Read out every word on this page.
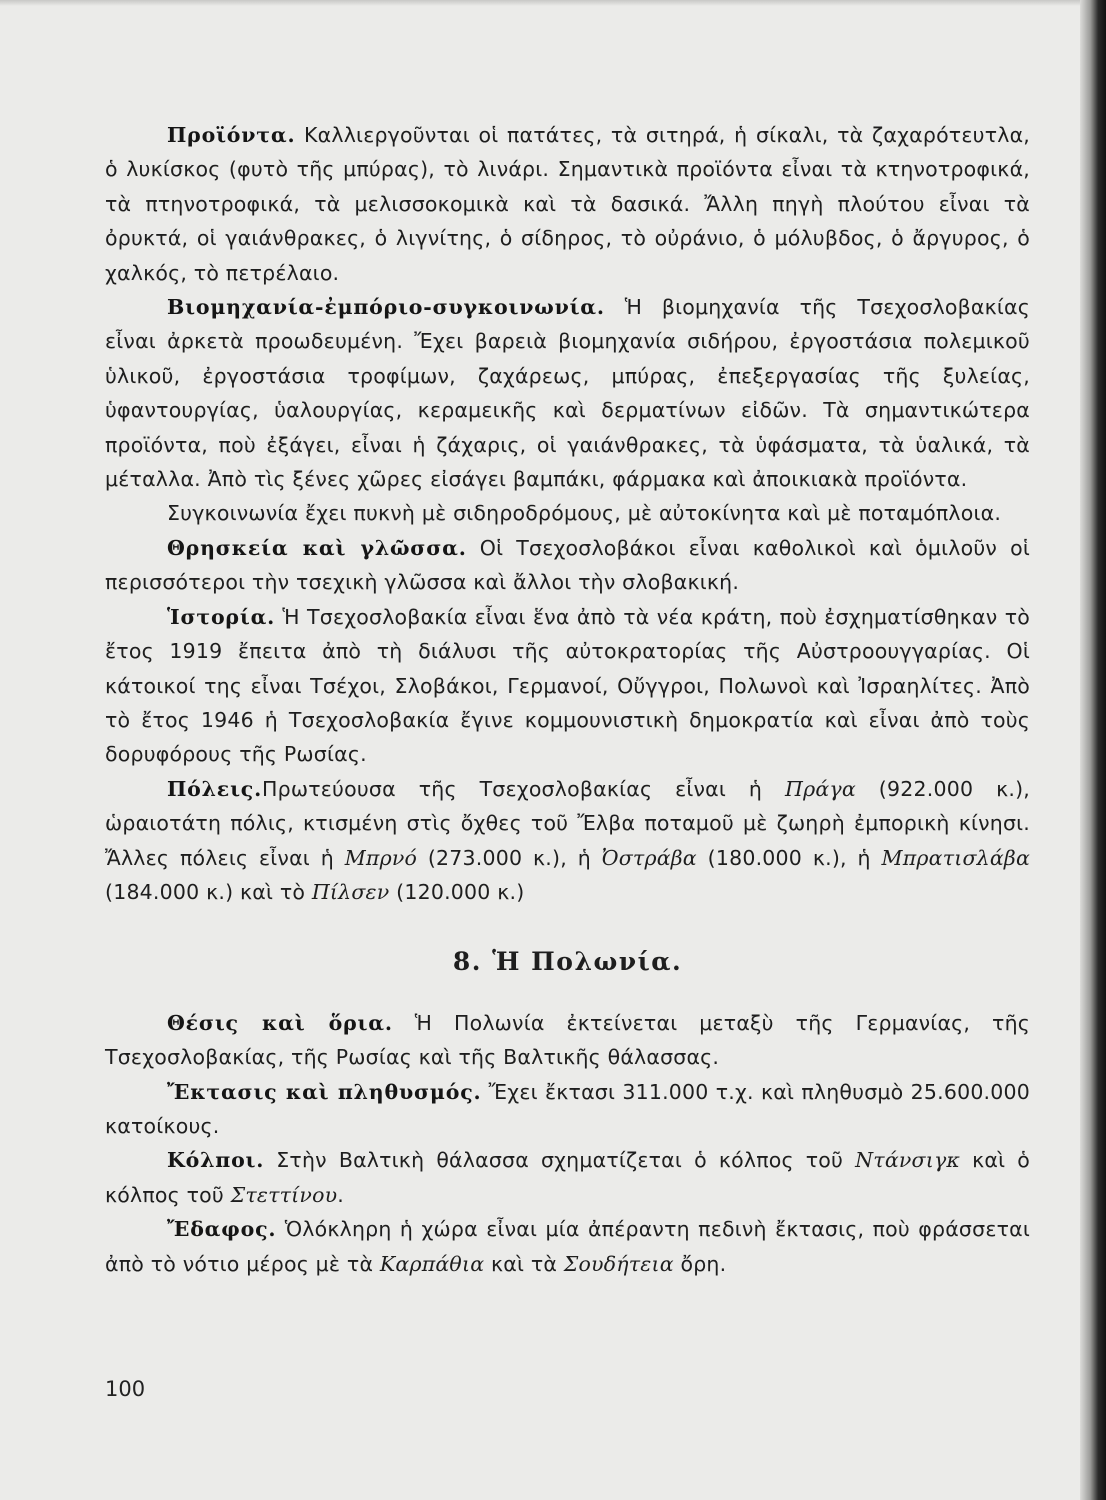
Προϊόντα. Καλλιεργοῦνται οἱ πατάτες, τὰ σιτηρά, ἡ σίκαλι, τὰ ζαχαρότευτλα, ὁ λυκίσκος (φυτὸ τῆς μπύρας), τὸ λινάρι. Σημαντικὰ προϊόντα εἶναι τὰ κτηνοτροφικά, τὰ πτηνοτροφικά, τὰ μελισσοκομικὰ καὶ τὰ δασικά. Ἄλλη πηγὴ πλούτου εἶναι τὰ ὀρυκτά, οἱ γαιάνθρακες, ὁ λιγνίτης, ὁ σίδηρος, τὸ οὐράνιο, ὁ μόλυβδος, ὁ ἄργυρος, ὁ χαλκός, τὸ πετρέλαιο.

Βιομηχανία-ἐμπόριο-συγκοινωνία. Ἡ βιομηχανία τῆς Τσεχοσλοβακίας εἶναι ἀρκετὰ προωδευμένη. Ἔχει βαρειὰ βιομηχανία σιδήρου, ἐργοστάσια πολεμικοῦ ὑλικοῦ, ἐργοστάσια τροφίμων, ζαχάρεως, μπύρας, ἐπεξεργασίας τῆς ξυλείας, ὑφαντουργίας, ὑαλουργίας, κεραμεικῆς καὶ δερματίνων εἰδῶν. Τὰ σημαντικώτερα προϊόντα, ποὺ ἐξάγει, εἶναι ἡ ζάχαρις, οἱ γαιάνθρακες, τὰ ὑφάσματα, τὰ ὑαλικά, τὰ μέταλλα. Ἀπὸ τὶς ξένες χῶρες εἰσάγει βαμπάκι, φάρμακα καὶ ἀποικιακὰ προϊόντα.

Συγκοινωνία ἔχει πυκνὴ μὲ σιδηροδρόμους, μὲ αὐτοκίνητα καὶ μὲ ποταμόπλοια.

Θρησκεία καὶ γλῶσσα. Οἱ Τσεχοσλοβάκοι εἶναι καθολικοὶ καὶ ὁμιλοῦν οἱ περισσότεροι τὴν τσεχικὴ γλῶσσα καὶ ἄλλοι τὴν σλοβακική.

Ἱστορία. Ἡ Τσεχοσλοβακία εἶναι ἕνα ἀπὸ τὰ νέα κράτη, ποὺ ἐσχηματίσθηκαν τὸ ἔτος 1919 ἔπειτα ἀπὸ τὴ διάλυσι τῆς αὐτοκρατορίας τῆς Αὐστροουγγαρίας. Οἱ κάτοικοί της εἶναι Τσέχοι, Σλοβάκοι, Γερμανοί, Οὔγγροι, Πολωνοὶ καὶ Ἰσραηλίτες. Ἀπὸ τὸ ἔτος 1946 ἡ Τσεχοσλοβακία ἔγινε κομμουνιστικὴ δημοκρατία καὶ εἶναι ἀπὸ τοὺς δορυφόρους τῆς Ρωσίας.

Πόλεις.Πρωτεύουσα τῆς Τσεχοσλοβακίας εἶναι ἡ Πράγα (922.000 κ.), ὡραιοτάτη πόλις, κτισμένη στὶς ὄχθες τοῦ Ἔλβα ποταμοῦ μὲ ζωηρὴ ἐμπορικὴ κίνησι. Ἄλλες πόλεις εἶναι ἡ Μπρνό (273.000 κ.), ἡ Ὀστράβα (180.000 κ.), ἡ Μπρατισλάβα (184.000 κ.) καὶ τὸ Πίλσεν (120.000 κ.)

8. Ἡ Πολωνία.

Θέσις καὶ ὅρια. Ἡ Πολωνία ἐκτείνεται μεταξὺ τῆς Γερμανίας, τῆς Τσεχοσλοβακίας, τῆς Ρωσίας καὶ τῆς Βαλτικῆς θάλασσας.

Ἔκτασις καὶ πληθυσμός. Ἔχει ἔκτασι 311.000 τ.χ. καὶ πληθυσμὸ 25.600.000 κατοίκους.

Κόλποι. Στὴν Βαλτικὴ θάλασσα σχηματίζεται ὁ κόλπος τοῦ Ντάνσιγκ καὶ ὁ κόλπος τοῦ Στεττίνου.

Ἔδαφος. Ὁλόκληρη ἡ χώρα εἶναι μία ἀπέραντη πεδινὴ ἔκτασις, ποὺ φράσσεται ἀπὸ τὸ νότιο μέρος μὲ τὰ Καρπάθια καὶ τὰ Σουδήτεια ὄρη.

100
